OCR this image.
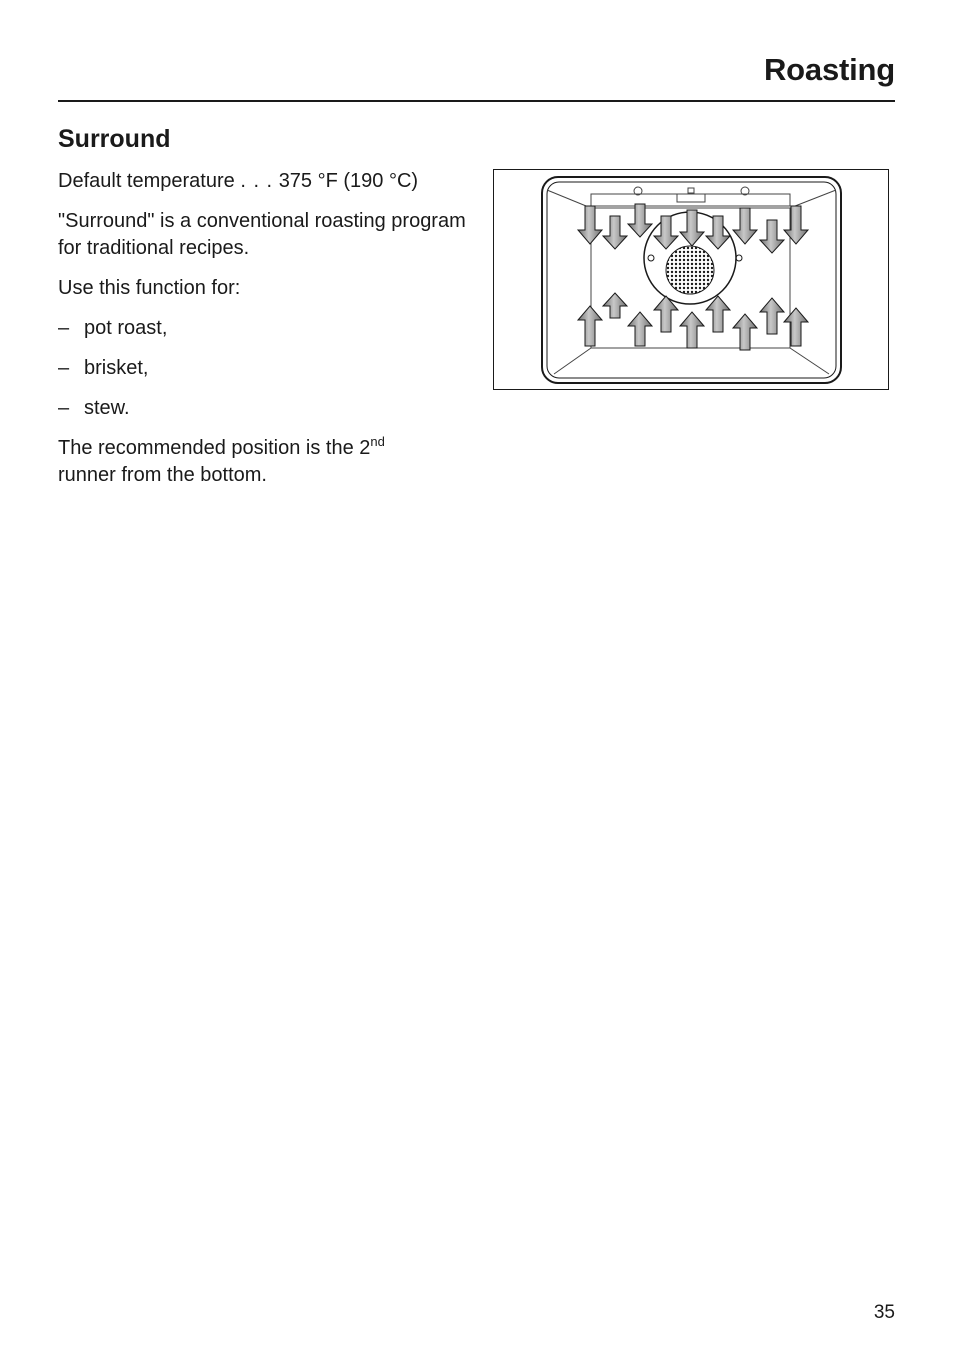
Roasting
Surround

Default temperature . . . 375 °F (190 °C)

"Surround" is a conventional roasting program for traditional recipes.

Use this function for:

– pot roast,
– brisket,
– stew.

The recommended position is the 2nd
runner from the bottom.

35
